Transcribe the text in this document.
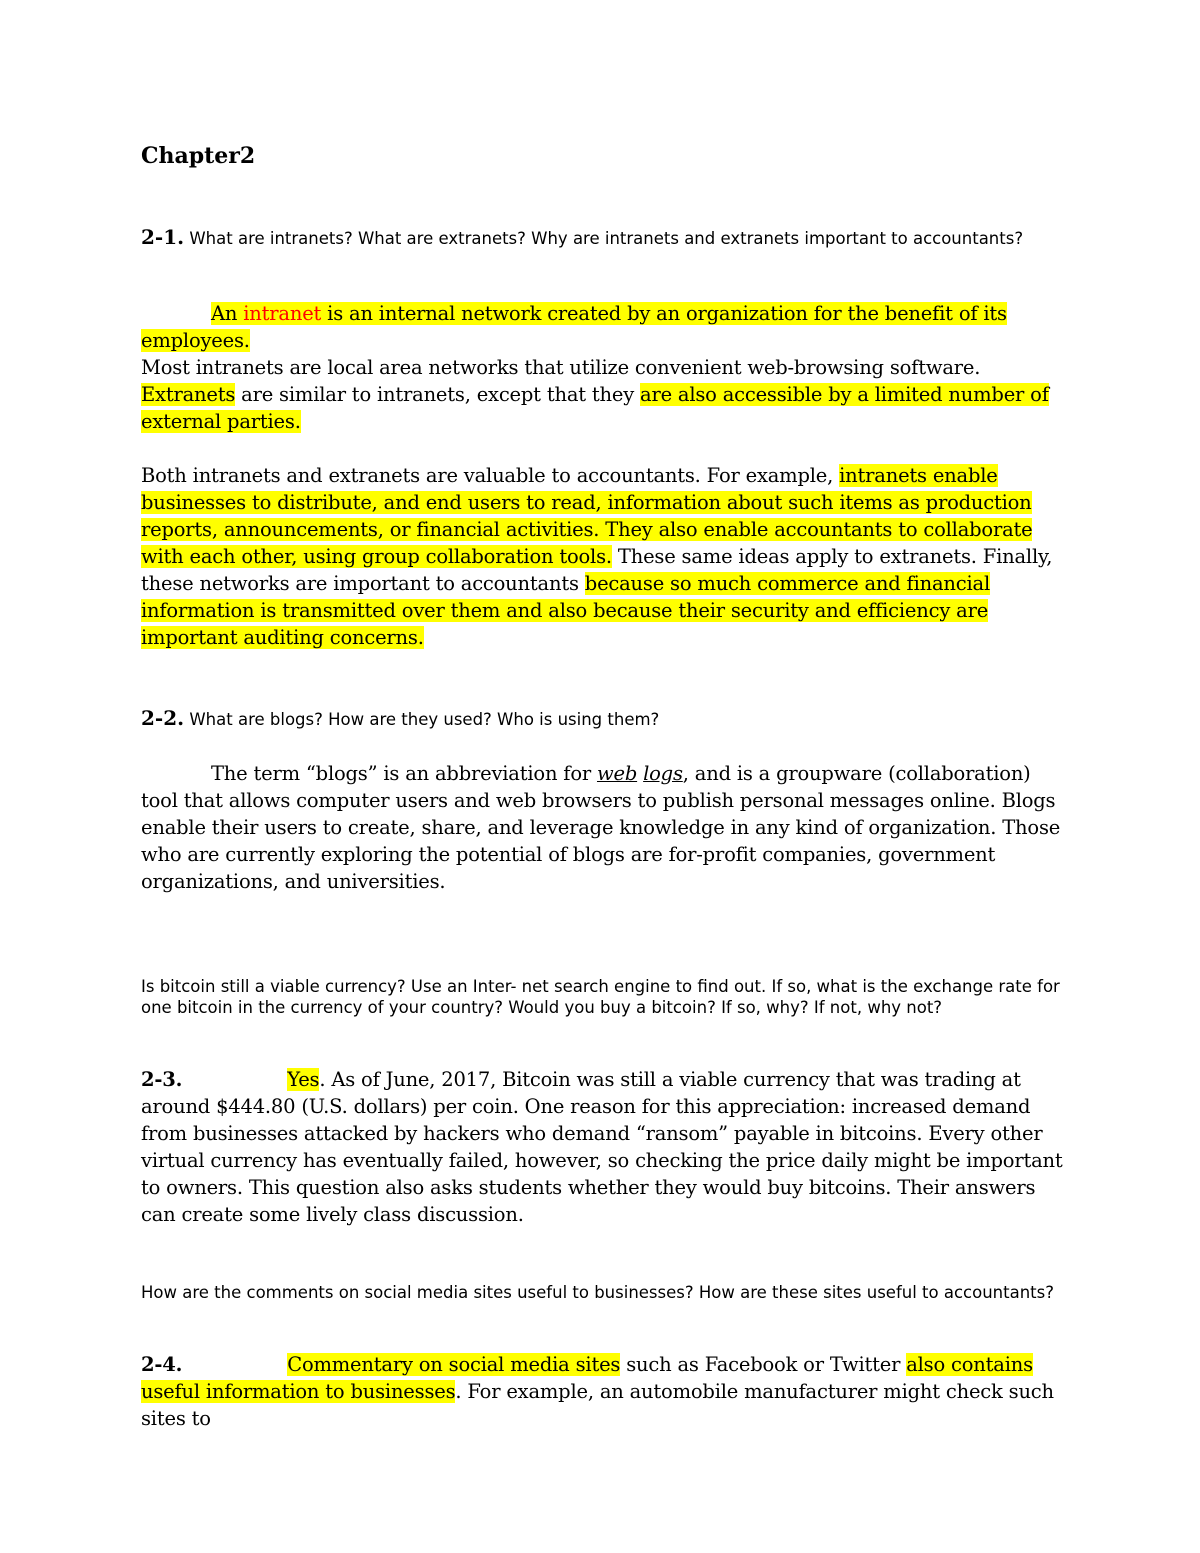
Chapter2
2-1. What are intranets? What are extranets? Why are intranets and extranets important to accountants?
An intranet is an internal network created by an organization for the benefit of its employees.
Most intranets are local area networks that utilize convenient web-browsing software.
Extranets are similar to intranets, except that they are also accessible by a limited number of external parties.
Both intranets and extranets are valuable to accountants. For example, intranets enable businesses to distribute, and end users to read, information about such items as production reports, announcements, or financial activities. They also enable accountants to collaborate with each other, using group collaboration tools. These same ideas apply to extranets. Finally, these networks are important to accountants because so much commerce and financial information is transmitted over them and also because their security and efficiency are important auditing concerns.
2-2. What are blogs? How are they used? Who is using them?
The term “blogs” is an abbreviation for web logs, and is a groupware (collaboration) tool that allows computer users and web browsers to publish personal messages online. Blogs enable their users to create, share, and leverage knowledge in any kind of organization. Those who are currently exploring the potential of blogs are for-profit companies, government organizations, and universities.
Is bitcoin still a viable currency? Use an Inter- net search engine to find out. If so, what is the exchange rate for one bitcoin in the currency of your country? Would you buy a bitcoin? If so, why? If not, why not?
2-3.	Yes. As of June, 2017, Bitcoin was still a viable currency that was trading at around $444.80 (U.S. dollars) per coin. One reason for this appreciation: increased demand from businesses attacked by hackers who demand “ransom” payable in bitcoins. Every other virtual currency has eventually failed, however, so checking the price daily might be important to owners. This question also asks students whether they would buy bitcoins. Their answers can create some lively class discussion.
How are the comments on social media sites useful to businesses? How are these sites useful to accountants?
2-4.	Commentary on social media sites such as Facebook or Twitter also contains useful information to businesses. For example, an automobile manufacturer might check such sites to
